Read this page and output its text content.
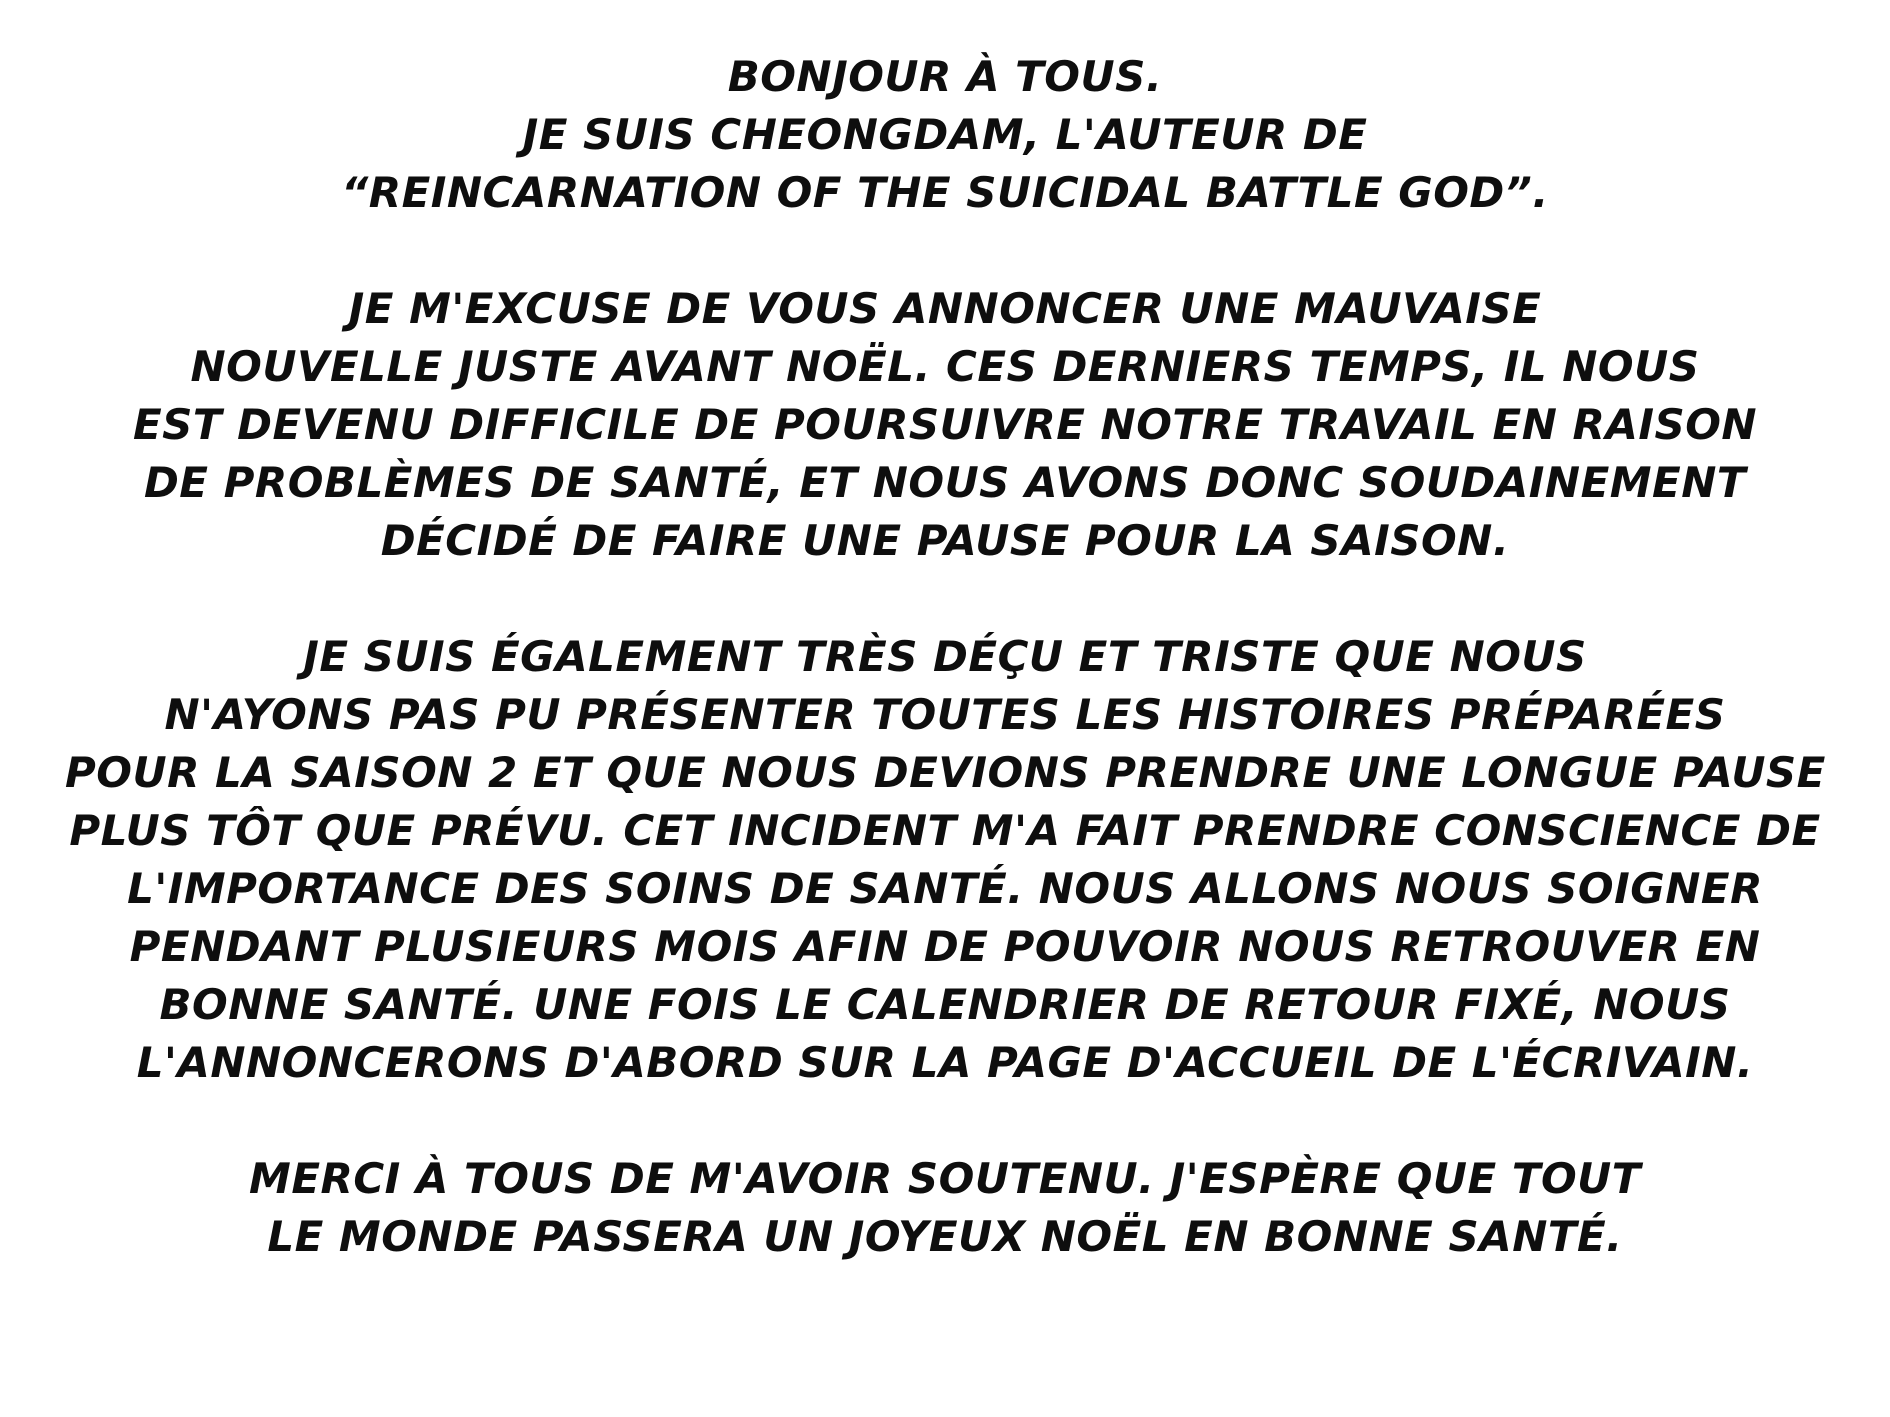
BONJOUR À TOUS.
JE SUIS CHEONGDAM, L'AUTEUR DE
“REINCARNATION OF THE SUICIDAL BATTLE GOD”.
JE M'EXCUSE DE VOUS ANNONCER UNE MAUVAISE
NOUVELLE JUSTE AVANT NOËL. CES DERNIERS TEMPS, IL NOUS
EST DEVENU DIFFICILE DE POURSUIVRE NOTRE TRAVAIL EN RAISON
DE PROBLÈMES DE SANTÉ, ET NOUS AVONS DONC SOUDAINEMENT
DÉCIDÉ DE FAIRE UNE PAUSE POUR LA SAISON.
JE SUIS ÉGALEMENT TRÈS DÉÇU ET TRISTE QUE NOUS
N'AYONS PAS PU PRÉSENTER TOUTES LES HISTOIRES PRÉPARÉES
POUR LA SAISON 2 ET QUE NOUS DEVIONS PRENDRE UNE LONGUE PAUSE
PLUS TÔT QUE PRÉVU. CET INCIDENT M'A FAIT PRENDRE CONSCIENCE DE
L'IMPORTANCE DES SOINS DE SANTÉ. NOUS ALLONS NOUS SOIGNER
PENDANT PLUSIEURS MOIS AFIN DE POUVOIR NOUS RETROUVER EN
BONNE SANTÉ. UNE FOIS LE CALENDRIER DE RETOUR FIXÉ, NOUS
L'ANNONCERONS D'ABORD SUR LA PAGE D'ACCUEIL DE L'ÉCRIVAIN.
MERCI À TOUS DE M'AVOIR SOUTENU. J'ESPÈRE QUE TOUT
LE MONDE PASSERA UN JOYEUX NOËL EN BONNE SANTÉ.
